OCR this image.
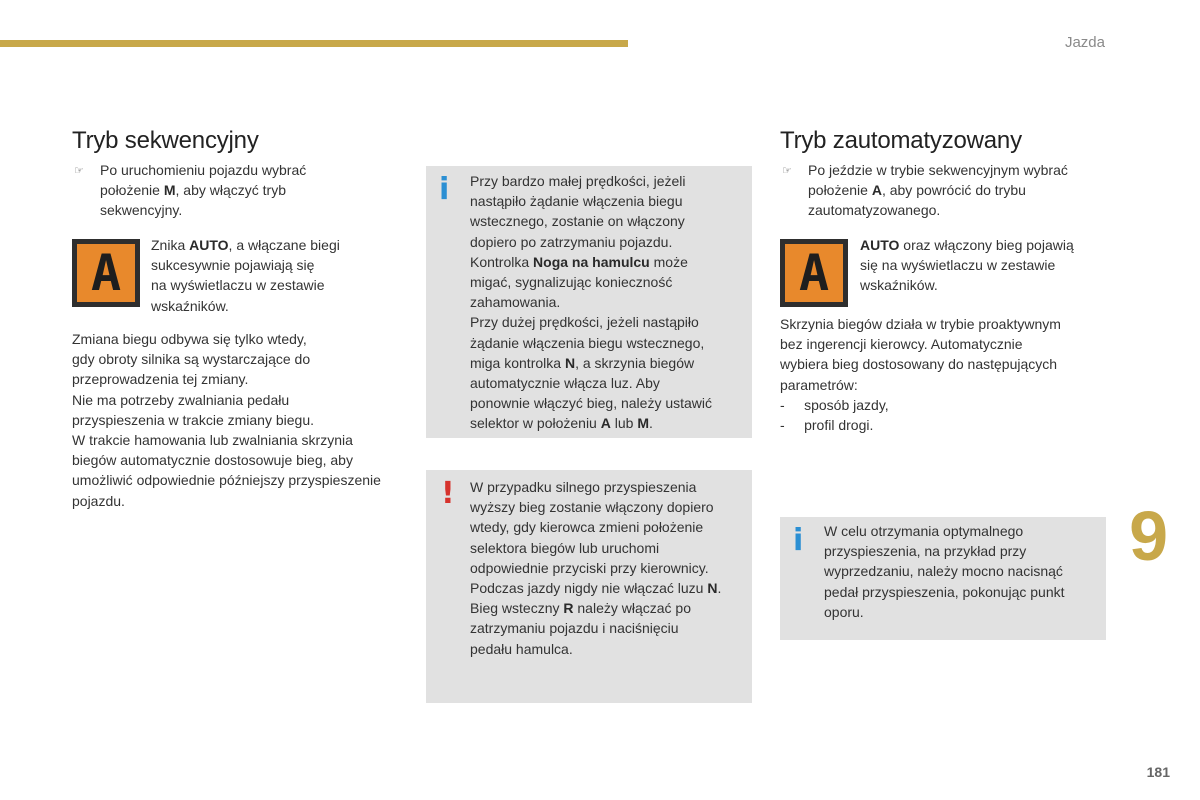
Jazda
9
181
Tryb sekwencyjny
☞ Po uruchomieniu pojazdu wybrać
położenie M, aby włączyć tryb
sekwencyjny.

A	Znika AUTO, a włączane biegi
sukcesywnie pojawiają się
na wyświetlaczu w zestawie
wskaźników.

Zmiana biegu odbywa się tylko wtedy,
gdy obroty silnika są wystarczające do
przeprowadzenia tej zmiany.
Nie ma potrzeby zwalniania pedału
przyspieszenia w trakcie zmiany biegu.
W trakcie hamowania lub zwalniania skrzynia
biegów automatycznie dostosowuje bieg, aby
umożliwić odpowiednie późniejszy przyspieszenie
pojazdu.

i Przy bardzo małej prędkości, jeżeli
nastąpiło żądanie włączenia biegu
wstecznego, zostanie on włączony
dopiero po zatrzymaniu pojazdu.
Kontrolka Noga na hamulcu może
migać, sygnalizując konieczność
zahamowania.
Przy dużej prędkości, jeżeli nastąpiło
żądanie włączenia biegu wstecznego,
miga kontrolka N, a skrzynia biegów
automatycznie włącza luz. Aby
ponownie włączyć bieg, należy ustawić
selektor w położeniu A lub M.

! W przypadku silnego przyspieszenia
wyższy bieg zostanie włączony dopiero
wtedy, gdy kierowca zmieni położenie
selektora biegów lub uruchomi
odpowiednie przyciski przy kierownicy.
Podczas jazdy nigdy nie włączać luzu N.
Bieg wsteczny R należy włączać po
zatrzymaniu pojazdu i naciśnięciu
pedału hamulca.

Tryb zautomatyzowany
☞ Po jeździe w trybie sekwencyjnym wybrać
położenie A, aby powrócić do trybu
zautomatyzowanego.

A	AUTO oraz włączony bieg pojawią
się na wyświetlaczu w zestawie
wskaźników.

Skrzynia biegów działa w trybie proaktywnym
bez ingerencji kierowcy. Automatycznie
wybiera bieg dostosowany do następujących
parametrów:
-     sposób jazdy,
-     profil drogi.

i W celu otrzymania optymalnego
przyspieszenia, na przykład przy
wyprzedzaniu, należy mocno nacisnąć
pedał przyspieszenia, pokonując punkt
oporu.
